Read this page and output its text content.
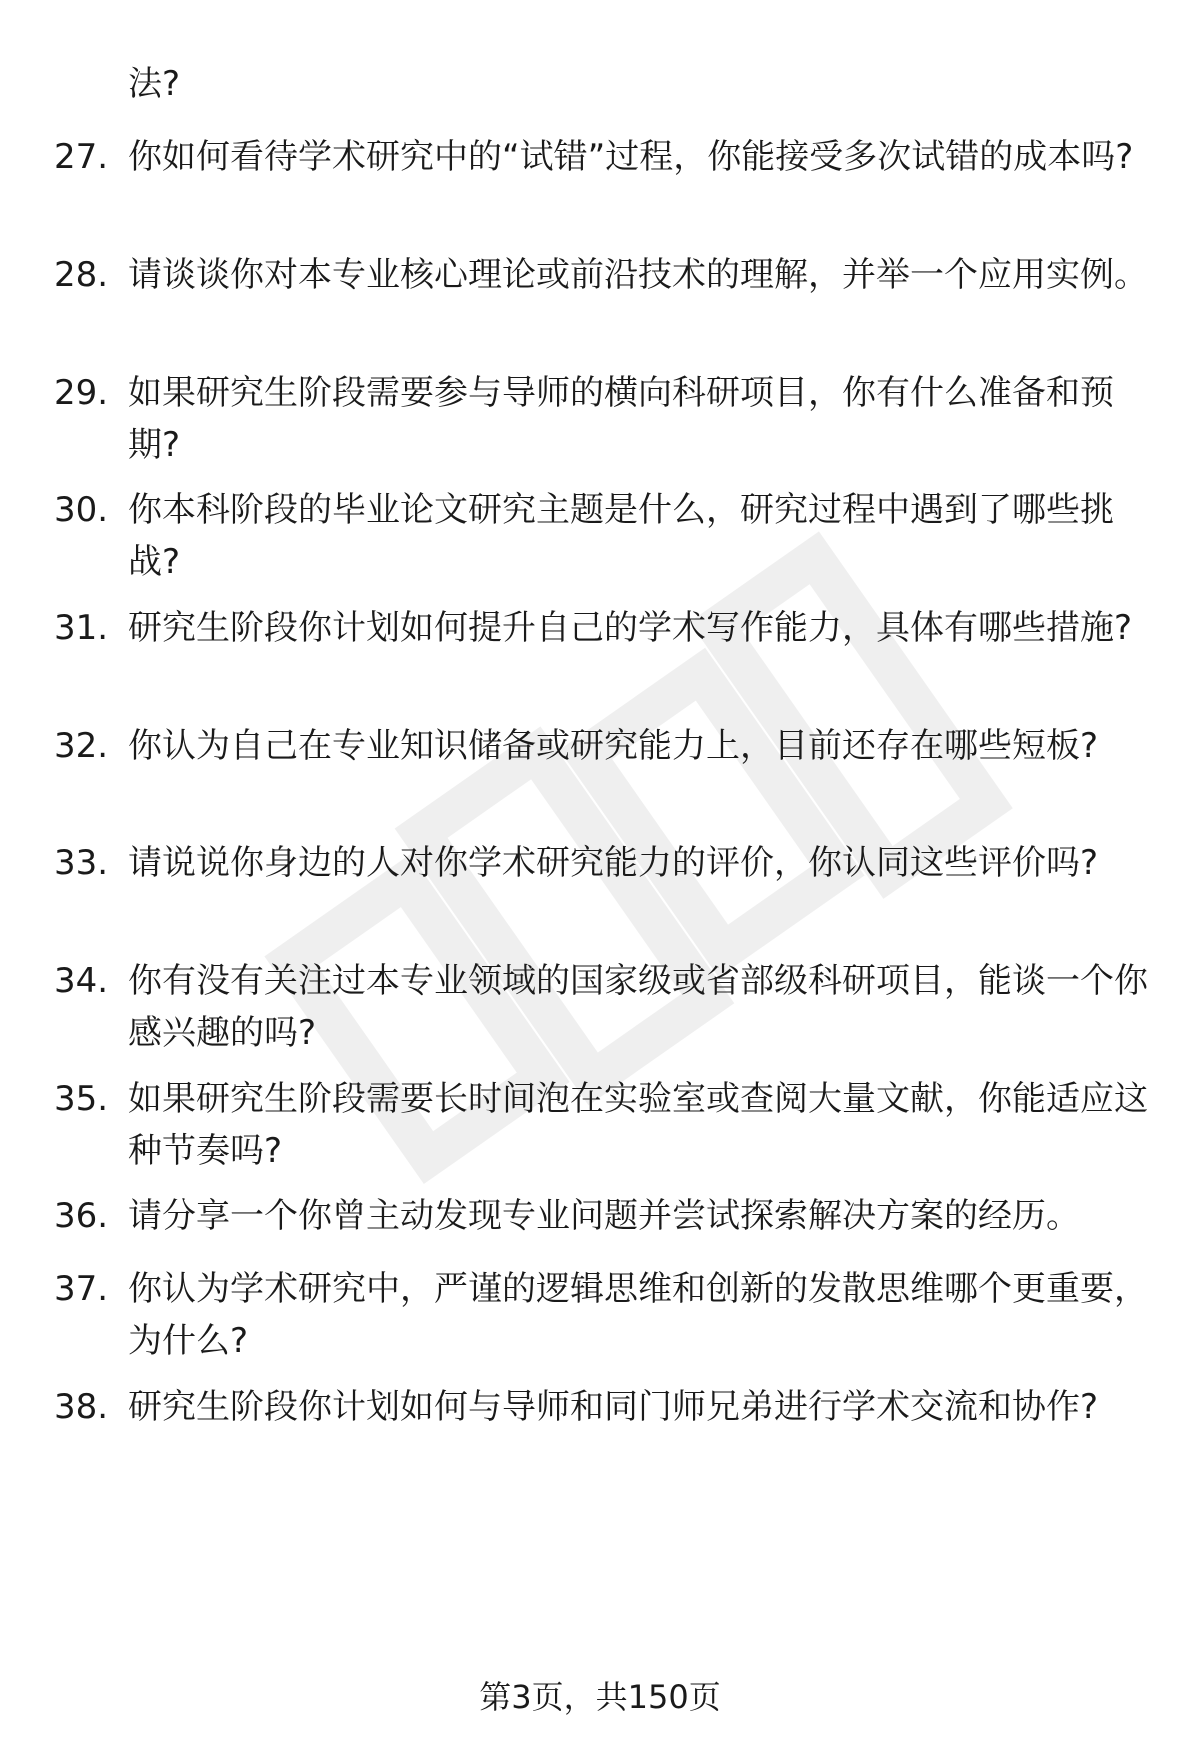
法?

27. 你如何看待学术研究中的“试错”过程，你能接受多次试错的成本吗?
28. 请谈谈你对本专业核心理论或前沿技术的理解，并举一个应用实例。
29. 如果研究生阶段需要参与导师的横向科研项目，你有什么准备和预期?
30. 你本科阶段的毕业论文研究主题是什么，研究过程中遇到了哪些挑战?
31. 研究生阶段你计划如何提升自己的学术写作能力，具体有哪些措施?
32. 你认为自己在专业知识储备或研究能力上，目前还存在哪些短板?
33. 请说说你身边的人对你学术研究能力的评价，你认同这些评价吗?
34. 你有没有关注过本专业领域的国家级或省部级科研项目，能谈一个你感兴趣的吗?
35. 如果研究生阶段需要长时间泡在实验室或查阅大量文献，你能适应这种节奏吗?
36. 请分享一个你曾主动发现专业问题并尝试探索解决方案的经历。
37. 你认为学术研究中，严谨的逻辑思维和创新的发散思维哪个更重要，为什么?
38. 研究生阶段你计划如何与导师和同门师兄弟进行学术交流和协作?
第3页，共150页
